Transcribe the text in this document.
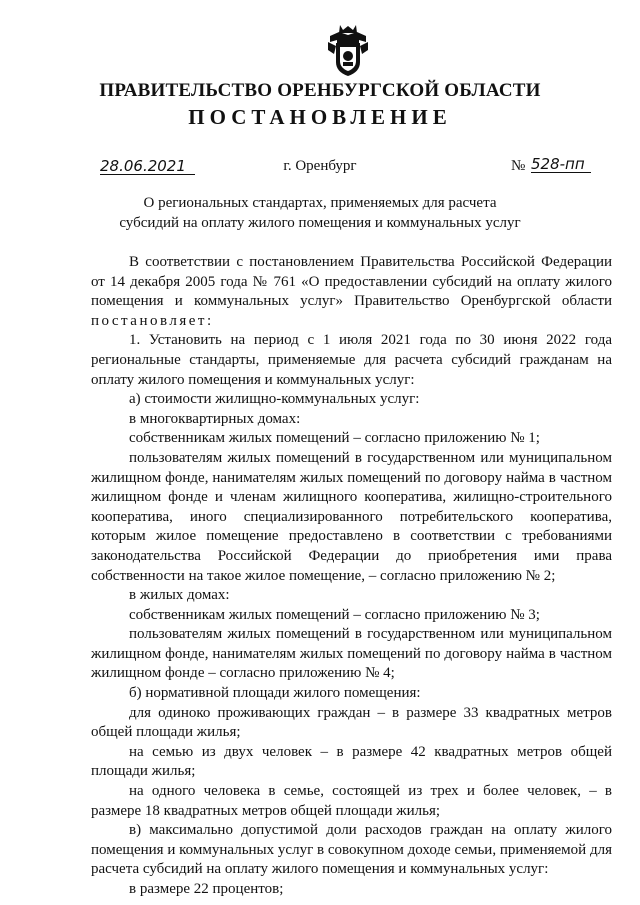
ПРАВИТЕЛЬСТВО ОРЕНБУРГСКОЙ ОБЛАСТИ
ПОСТАНОВЛЕНИЕ
28.06.2021	г. Оренбург	№ 528-пп
О региональных стандартах, применяемых для расчета
субсидий на оплату жилого помещения и коммунальных услуг

В соответствии с постановлением Правительства Российской Федерации от 14 декабря 2005 года № 761 «О предоставлении субсидий на оплату жилого помещения и коммунальных услуг» Правительство Оренбургской области постановляет:

1. Установить на период с 1 июля 2021 года по 30 июня 2022 года региональные стандарты, применяемые для расчета субсидий гражданам на оплату жилого помещения и коммунальных услуг:

а) стоимости жилищно-коммунальных услуг:

в многоквартирных домах:

собственникам жилых помещений – согласно приложению № 1;

пользователям жилых помещений в государственном или муниципальном жилищном фонде, нанимателям жилых помещений по договору найма в частном жилищном фонде и членам жилищного кооператива, жилищно-строительного кооператива, иного специализированного потребительского кооператива, которым жилое помещение предоставлено в соответствии с требованиями законодательства Российской Федерации до приобретения ими права собственности на такое жилое помещение, – согласно приложению № 2;

в жилых домах:

собственникам жилых помещений – согласно приложению № 3;

пользователям жилых помещений в государственном или муниципальном жилищном фонде, нанимателям жилых помещений по договору найма в частном жилищном фонде – согласно приложению № 4;

б) нормативной площади жилого помещения:

для одиноко проживающих граждан – в размере 33 квадратных метров общей площади жилья;

на семью из двух человек – в размере 42 квадратных метров общей площади жилья;

на одного человека в семье, состоящей из трех и более человек, – в размере 18 квадратных метров общей площади жилья;

в) максимально допустимой доли расходов граждан на оплату жилого помещения и коммунальных услуг в совокупном доходе семьи, применяемой для расчета субсидий на оплату жилого помещения и коммунальных услуг:

в размере 22 процентов;
